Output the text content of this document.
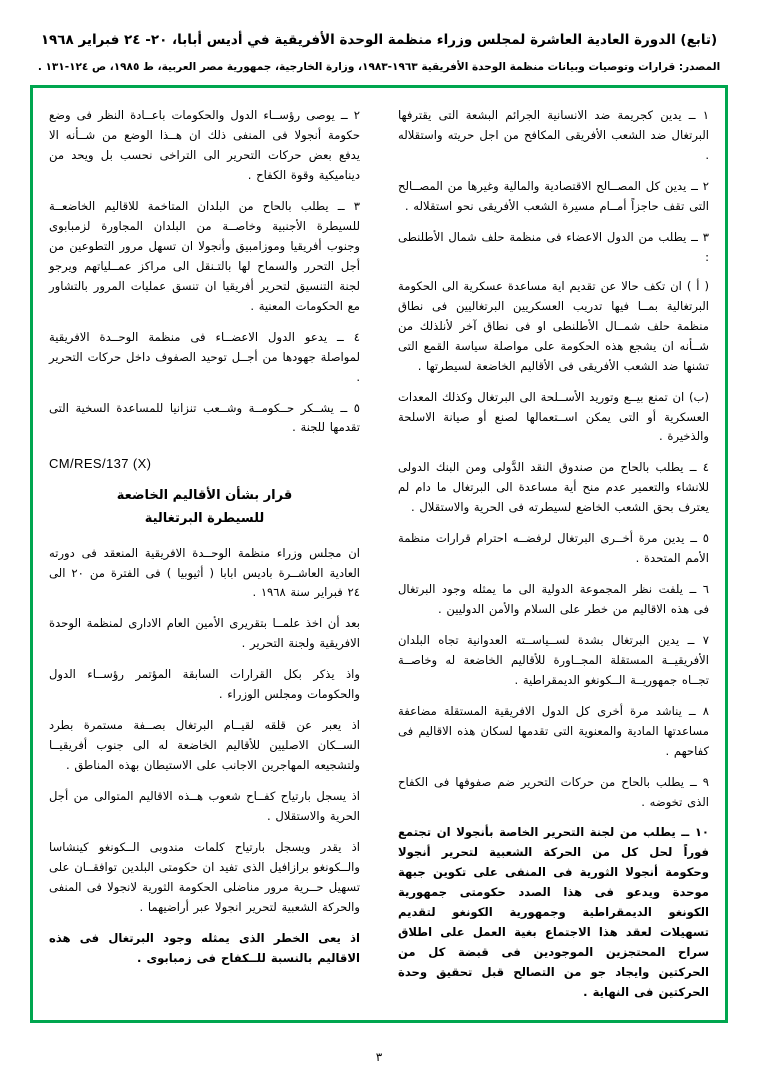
(تابع) الدورة العادية العاشرة لمجلس وزراء منظمة الوحدة الأفريقية في أديس أبابا، ٢٠- ٢٤ فبراير ١٩٦٨
المصدر: قرارات وتوصيات وبيانات منظمة الوحدة الأفريقية ١٩٦٣-١٩٨٣، وزارة الخارجية، جمهورية مصر العربية، ط ١٩٨٥، ص ١٢٤-١٣١ .

١ ــ يدين كجريمة ضد الانسانية الجرائم البشعة التى يقترفها البرتغال ضد الشعب الأفريقى المكافح من اجل حريته واستقلاله .

٢ ــ يدين كل المصــالح الاقتصادية والمالية وغيرها من المصــالح التى تقف حاجزاً أمــام مسيرة الشعب الأفريقى نحو استقلاله .

٣ ــ يطلب من الدول الاعضاء فى منظمة حلف شمال الأطلنطى :

( أ ) ان تكف حالا عن تقديم اية مساعدة عسكرية الى الحكومة البرتغالية بمــا فيها تدريب العسكريين البرتغاليين فى نطاق منظمة حلف شمــال الأطلنطى او فى نطاق آخر لأنلذلك من شــأنه ان يشجع هذه الحكومة على مواصلة سياسة القمع التى تشنها ضد الشعب الأفريقى فى الأقاليم الخاضعة لسيطرتها .

(ب) ان تمنع بيــع وتوريد الأســلحة الى البرتغال وكذلك المعدات العسكرية أو التى يمكن اســتعمالها لصنع أو صيانة الاسلحة والذخيرة .

٤ ــ يطلب بالحاح من صندوق النقد الدَّولى ومن البنك الدولى للانشاء والتعمير عدم منح أية مساعدة الى البرتغال ما دام لم يعترف بحق الشعب الخاضع لسيطرته فى الحرية والاستقلال .

٥ ــ يدين مرة أخــرى البرتغال لرفضــه احترام قرارات منظمة الأمم المتحدة .

٦ ــ يلفت نظر المجموعة الدولية الى ما يمثله وجود البرتغال فى هذه الاقاليم من خطر على السلام والأمن الدوليين .

٧ ــ يدين البرتغال بشدة لســياســته العدوانية تجاه البلدان الأفريقيــة المستقلة المجــاورة للأقاليم الخاضعة له وخاصــة تجــاه جمهوريــة الــكونغو الديمقراطية .

٨ ــ يناشد مرة أخرى كل الدول الافريقية المستقلة مضاعفة مساعدتها المادية والمعنوية التى تقدمها لسكان هذه الاقاليم فى كفاحهم .

٩ ــ يطلب بالحاح من حركات التحرير ضم صفوفها فى الكفاح الذى تخوضه .

١٠ ــ يطلب من لجنة التحرير الخاصة بأنجولا ان تجتمع فوراً لحل كل من الحركة الشعبية لتحرير أنجولا وحكومة أنجولا الثورية فى المنفى على تكوين جبهة موحدة ويدعو فى هذا الصدد حكومتى جمهورية الكونغو الديمقراطية وجمهورية الكونغو لتقديم تسهيلات لعقد هذا الاجتماع بغية العمل على اطلاق سراح المحتجزين الموجودين فى قبضة كل من الحركتين وايجاد جو من التصالح قبل تحقيق وحدة الحركتين فى النهاية .

٢ ــ يوصى رؤســاء الدول والحكومات باعــادة النظر فى وضع حكومة أنجولا فى المنفى ذلك ان هــذا الوضع من شــأنه الا يدفع بعض حركات التحرير الى التراخى نحسب بل ويحد من ديناميكية وقوة الكفاح .

٣ ــ يطلب بالحاح من البلدان المتاخمة للاقاليم الخاضعــة للسيطرة الأجنبية وخاصــة من البلدان المجاورة لزمبابوى وجنوب أفريقيا وموزامبيق وأنجولا ان تسهل مرور التطوعين من أجل التحرر والسماح لها بالتـنقل الى مراكز عمــلياتهم ويرجو لجنة التنسيق لتحرير أفريقيا ان تنسق عمليات المرور بالتشاور مع الحكومات المعنية .

٤ ــ يدعو الدول الاعضــاء فى منظمة الوحــدة الافريقية لمواصلة جهودها من أجــل توحيد الصفوف داخل حركات التحرير .

٥ ــ يشــكر حــكومــة وشــعب تنزانيا للمساعدة السخية التى تقدمها للجنة .

CM/RES/137 (X)
قرار بشأن الأقاليم الخاضعة
للسيطرة البرتغالية

ان مجلس وزراء منظمة الوحــدة الافريقية المنعقد فى دورته العادية العاشــرة باديس ابابا ( أثيوبيا ) فى الفترة من ٢٠ الى ٢٤ فبراير سنة ١٩٦٨ .

بعد أن اخذ علمــا بتقريرى الأمين العام الادارى لمنظمة الوحدة الافريقية ولجنة التحرير .

واذ يذكر بكل القرارات السابقة المؤتمر رؤســاء الدول والحكومات ومجلس الوزراء .

اذ يعبر عن قلقه لقيــام البرتغال بصــفة مستمرة بطرد الســكان الاصليين للأقاليم الخاضعة له الى جنوب أفريقيــا ولتشجيعه المهاجرين الاجانب على الاستيطان بهذه المناطق .

اذ يسجل بارتياح كفــاح شعوب هــذه الاقاليم المتوالى من أجل الحرية والاستقلال .

اذ يقدر ويسجل بارتياح كلمات مندوبى الــكونغو كينشاسا والــكونغو برازافيل الذى تفيد ان حكومتى البلدين توافقــان على تسهيل حــرية مرور مناضلى الحكومة الثورية لانجولا فى المنفى والحركة الشعبية لتحرير انجولا عبر أراضيهما .

اذ يعى الخطر الذى يمثله وجود البرتغال فى هذه الاقاليم بالنسبة للــكفاح فى زمبابوى .

٣
